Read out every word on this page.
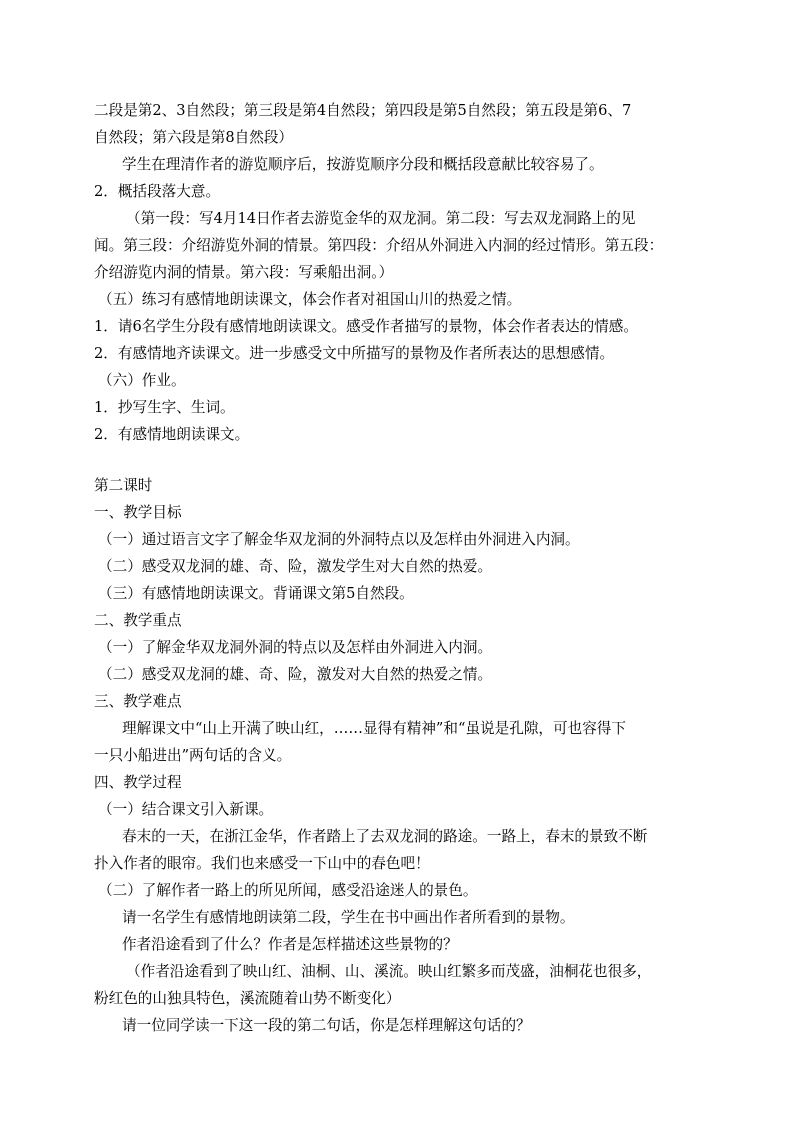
二段是第2、3自然段；第三段是第4自然段；第四段是第5自然段；第五段是第6、7
自然段；第六段是第8自然段）
学生在理清作者的游览顺序后，按游览顺序分段和概括段意献比较容易了。
2．概括段落大意。
（第一段：写4月14日作者去游览金华的双龙洞。第二段：写去双龙洞路上的见
闻。第三段：介绍游览外洞的情景。第四段：介绍从外洞进入内洞的经过情形。第五段：
介绍游览内洞的情景。第六段：写乘船出洞。）
（五）练习有感情地朗读课文，体会作者对祖国山川的热爱之情。
1．请6名学生分段有感情地朗读课文。感受作者描写的景物，体会作者表达的情感。
2．有感情地齐读课文。进一步感受文中所描写的景物及作者所表达的思想感情。
（六）作业。
1．抄写生字、生词。
2．有感情地朗读课文。
第二课时
一、教学目标
（一）通过语言文字了解金华双龙洞的外洞特点以及怎样由外洞进入内洞。
（二）感受双龙洞的雄、奇、险，激发学生对大自然的热爱。
（三）有感情地朗读课文。背诵课文第5自然段。
二、教学重点
（一）了解金华双龙洞外洞的特点以及怎样由外洞进入内洞。
（二）感受双龙洞的雄、奇、险，激发对大自然的热爱之情。
三、教学难点
理解课文中“山上开满了映山红，……显得有精神”和“虽说是孔隙，可也容得下
一只小船进出”两句话的含义。
四、教学过程
（一）结合课文引入新课。
春末的一天，在浙江金华，作者踏上了去双龙洞的路途。一路上，春末的景致不断
扑入作者的眼帘。我们也来感受一下山中的春色吧！
（二）了解作者一路上的所见所闻，感受沿途迷人的景色。
请一名学生有感情地朗读第二段，学生在书中画出作者所看到的景物。
作者沿途看到了什么？作者是怎样描述这些景物的？
（作者沿途看到了映山红、油桐、山、溪流。映山红繁多而茂盛，油桐花也很多，
粉红色的山独具特色，溪流随着山势不断变化）
请一位同学读一下这一段的第二句话，你是怎样理解这句话的？
